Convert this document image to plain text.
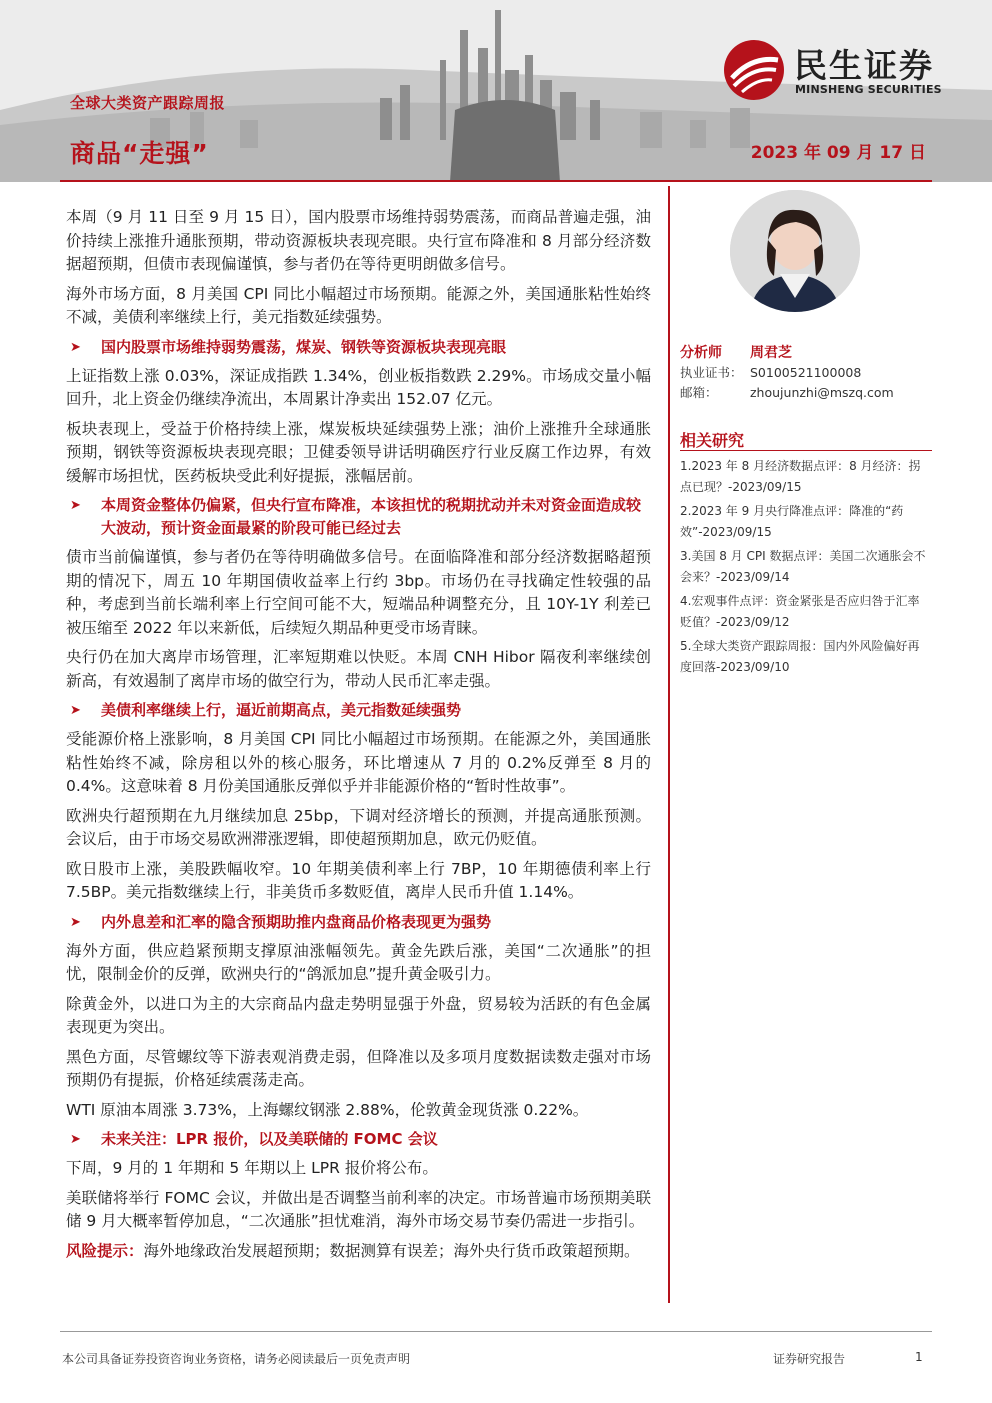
全球大类资产跟踪周报
商品“走强”	2023 年 09 月 17 日
民生证券
MINSHENG SECURITIES

本周（9 月 11 日至 9 月 15 日），国内股票市场维持弱势震荡，而商品普遍走强，油价持续上涨推升通胀预期，带动资源板块表现亮眼。央行宣布降准和 8 月部分经济数据超预期，但债市表现偏谨慎，参与者仍在等待更明朗做多信号。

海外市场方面，8 月美国 CPI 同比小幅超过市场预期。能源之外，美国通胀粘性始终不减，美债利率继续上行，美元指数延续强势。

➤ 国内股票市场维持弱势震荡，煤炭、钢铁等资源板块表现亮眼

上证指数上涨 0.03%，深证成指跌 1.34%，创业板指数跌 2.29%。市场成交量小幅回升，北上资金仍继续净流出，本周累计净卖出 152.07 亿元。

板块表现上，受益于价格持续上涨，煤炭板块延续强势上涨；油价上涨推升全球通胀预期，钢铁等资源板块表现亮眼；卫健委领导讲话明确医疗行业反腐工作边界，有效缓解市场担忧，医药板块受此利好提振，涨幅居前。

➤ 本周资金整体仍偏紧，但央行宣布降准，本该担忧的税期扰动并未对资金面造成较大波动，预计资金面最紧的阶段可能已经过去

债市当前偏谨慎，参与者仍在等待明确做多信号。在面临降准和部分经济数据略超预期的情况下，周五 10 年期国债收益率上行约 3bp。市场仍在寻找确定性较强的品种，考虑到当前长端利率上行空间可能不大，短端品种调整充分，且 10Y-1Y 利差已被压缩至 2022 年以来新低，后续短久期品种更受市场青睐。

央行仍在加大离岸市场管理，汇率短期难以快贬。本周 CNH Hibor 隔夜利率继续创新高，有效遏制了离岸市场的做空行为，带动人民币汇率走强。

➤ 美债利率继续上行，逼近前期高点，美元指数延续强势

受能源价格上涨影响，8 月美国 CPI 同比小幅超过市场预期。在能源之外，美国通胀粘性始终不减，除房租以外的核心服务，环比增速从 7 月的 0.2%反弹至 8 月的 0.4%。这意味着 8 月份美国通胀反弹似乎并非能源价格的“暂时性故事”。

欧洲央行超预期在九月继续加息 25bp，下调对经济增长的预测，并提高通胀预测。会议后，由于市场交易欧洲滞涨逻辑，即使超预期加息，欧元仍贬值。

欧日股市上涨，美股跌幅收窄。10 年期美债利率上行 7BP，10 年期德债利率上行 7.5BP。美元指数继续上行，非美货币多数贬值，离岸人民币升值 1.14%。

➤ 内外息差和汇率的隐含预期助推内盘商品价格表现更为强势

海外方面，供应趋紧预期支撑原油涨幅领先。黄金先跌后涨，美国“二次通胀”的担忧，限制金价的反弹，欧洲央行的“鸽派加息”提升黄金吸引力。

除黄金外，以进口为主的大宗商品内盘走势明显强于外盘，贸易较为活跃的有色金属表现更为突出。

黑色方面，尽管螺纹等下游表观消费走弱，但降准以及多项月度数据读数走强对市场预期仍有提振，价格延续震荡走高。

WTI 原油本周涨 3.73%，上海螺纹钢涨 2.88%，伦敦黄金现货涨 0.22%。

➤ 未来关注：LPR 报价，以及美联储的 FOMC 会议

下周，9 月的 1 年期和 5 年期以上 LPR 报价将公布。

美联储将举行 FOMC 会议，并做出是否调整当前利率的决定。市场普遍市场预期美联储 9 月大概率暂停加息，“二次通胀”担忧难消，海外市场交易节奏仍需进一步指引。

风险提示：海外地缘政治发展超预期；数据测算有误差；海外央行货币政策超预期。

分析师 周君芝
执业证书： S0100521100008
邮箱：	zhoujunzhi@mszq.com
相关研究
1.2023 年 8 月经济数据点评：8 月经济：拐点已现？-2023/09/15
2.2023 年 9 月央行降准点评：降准的“药效”-2023/09/15
3.美国 8 月 CPI 数据点评：美国二次通胀会不会来？-2023/09/14
4.宏观事件点评：资金紧张是否应归咎于汇率贬值？-2023/09/12
5.全球大类资产跟踪周报：国内外风险偏好再度回落-2023/09/10
本公司具备证券投资咨询业务资格，请务必阅读最后一页免责声明	证券研究报告	1
